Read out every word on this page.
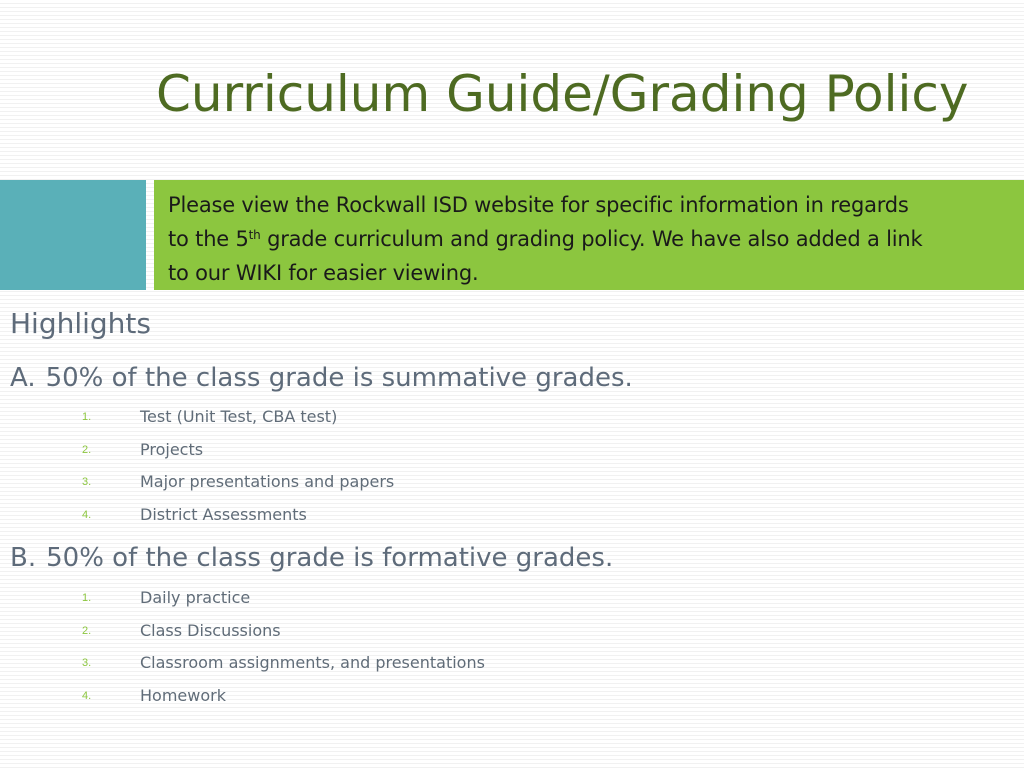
Curriculum Guide/Grading Policy

Please view the Rockwall ISD website for specific information in regards
to the 5th grade curriculum and grading policy. We have also added a link
to our WIKI for easier viewing.

Highlights

A. 50% of the class grade is summative grades.

1.	Test (Unit Test, CBA test)
2.	Projects
3.	Major presentations and papers
4.	District Assessments

B. 50% of the class grade is formative grades.

1.	Daily practice
2.	Class Discussions
3.	Classroom assignments, and presentations
4.	Homework
